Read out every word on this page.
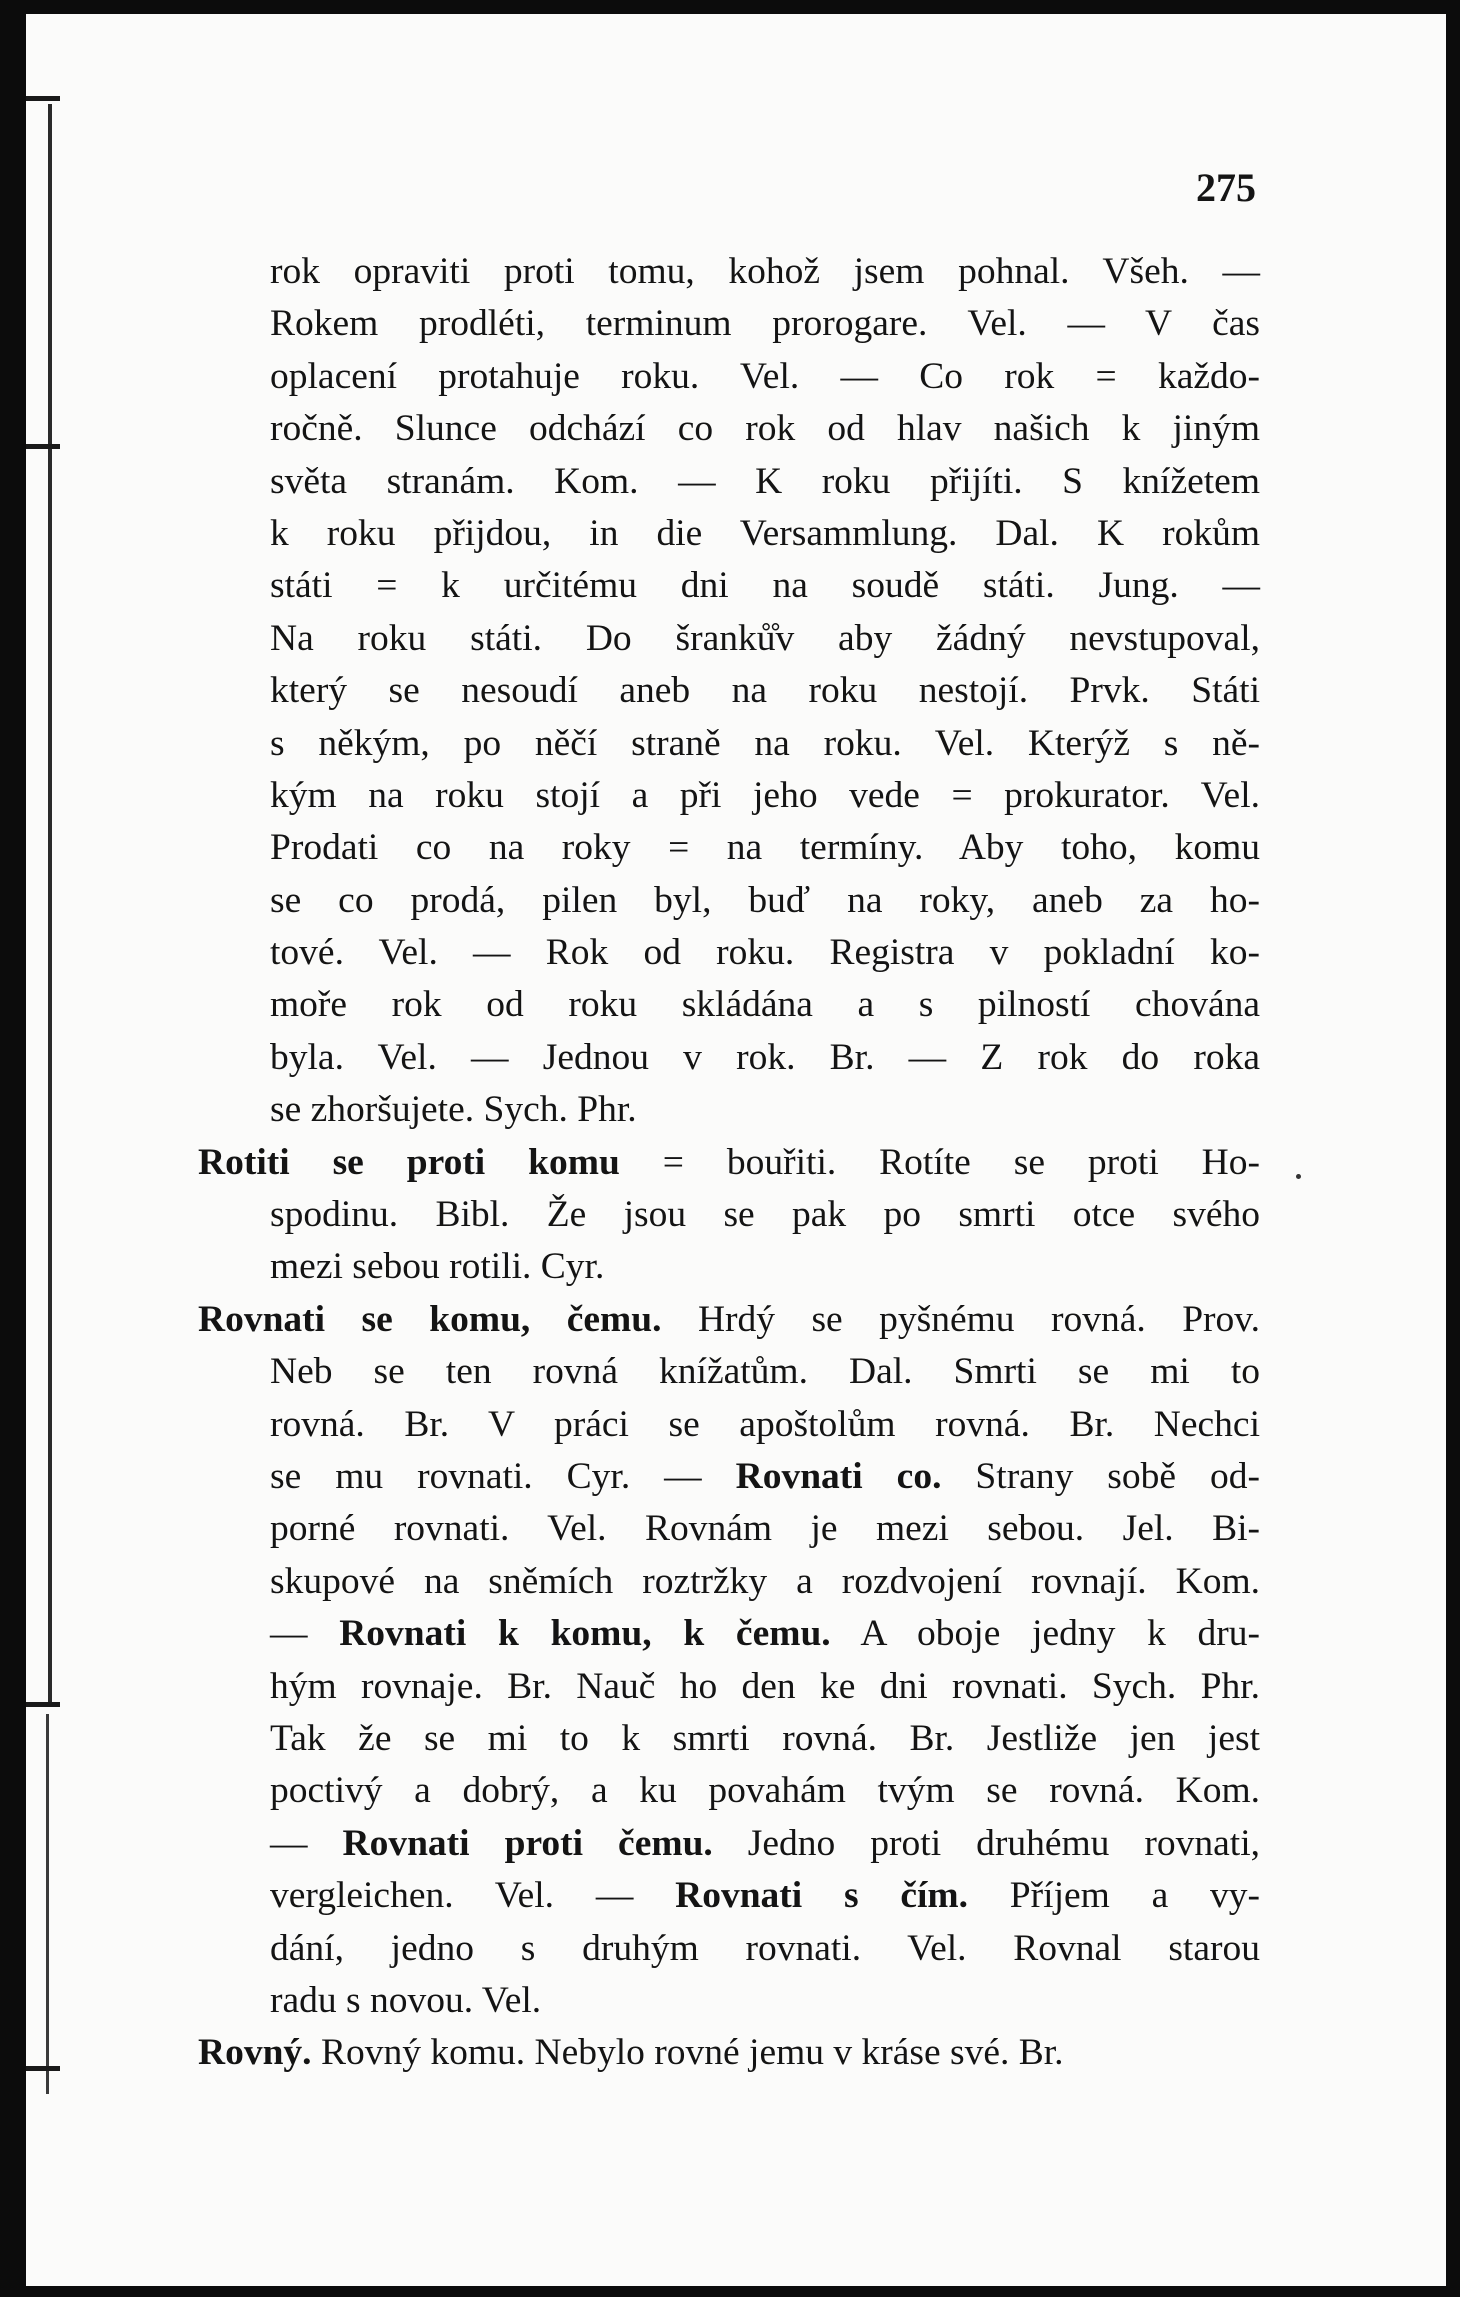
275
rok opraviti proti tomu, kohož jsem pohnal. Všeh. —
Rokem prodléti, terminum prorogare. Vel. — V čas
oplacení protahuje roku. Vel. — Co rok = každo-
ročně. Slunce odchází co rok od hlav našich k jiným
světa stranám. Kom. — K roku přijíti. S knížetem
k roku přijdou, in die Versammlung. Dal. K rokům
státi = k určitému dni na soudě státi. Jung. —
Na roku státi. Do šranků̊v aby žádný nevstupoval,
který se nesoudí aneb na roku nestojí. Prvk. Státi
s někým, po něčí straně na roku. Vel. Kterýž s ně-
kým na roku stojí a při jeho vede = prokurator. Vel.
Prodati co na roky = na termíny. Aby toho, komu
se co prodá, pilen byl, buď na roky, aneb za ho-
tové. Vel. — Rok od roku. Registra v pokladní ko-
moře rok od roku skládána a s pilností chována
byla. Vel. — Jednou v rok. Br. — Z rok do roka
se zhoršujete. Sych. Phr.
Rotiti se proti komu = bouřiti. Rotíte se proti Ho-
spodinu. Bibl. Že jsou se pak po smrti otce svého
mezi sebou rotili. Cyr.
Rovnati se komu, čemu. Hrdý se pyšnému rovná. Prov.
Neb se ten rovná knížatům. Dal. Smrti se mi to
rovná. Br. V práci se apoštolům rovná. Br. Nechci
se mu rovnati. Cyr. — Rovnati co. Strany sobě od-
porné rovnati. Vel. Rovnám je mezi sebou. Jel. Bi-
skupové na sněmích roztržky a rozdvojení rovnají. Kom.
— Rovnati k komu, k čemu. A oboje jedny k dru-
hým rovnaje. Br. Nauč ho den ke dni rovnati. Sych. Phr.
Tak že se mi to k smrti rovná. Br. Jestliže jen jest
poctivý a dobrý, a ku povahám tvým se rovná. Kom.
— Rovnati proti čemu. Jedno proti druhému rovnati,
vergleichen. Vel. — Rovnati s čím. Příjem a vy-
dání, jedno s druhým rovnati. Vel. Rovnal starou
radu s novou. Vel.
Rovný. Rovný komu. Nebylo rovné jemu v kráse své. Br.
